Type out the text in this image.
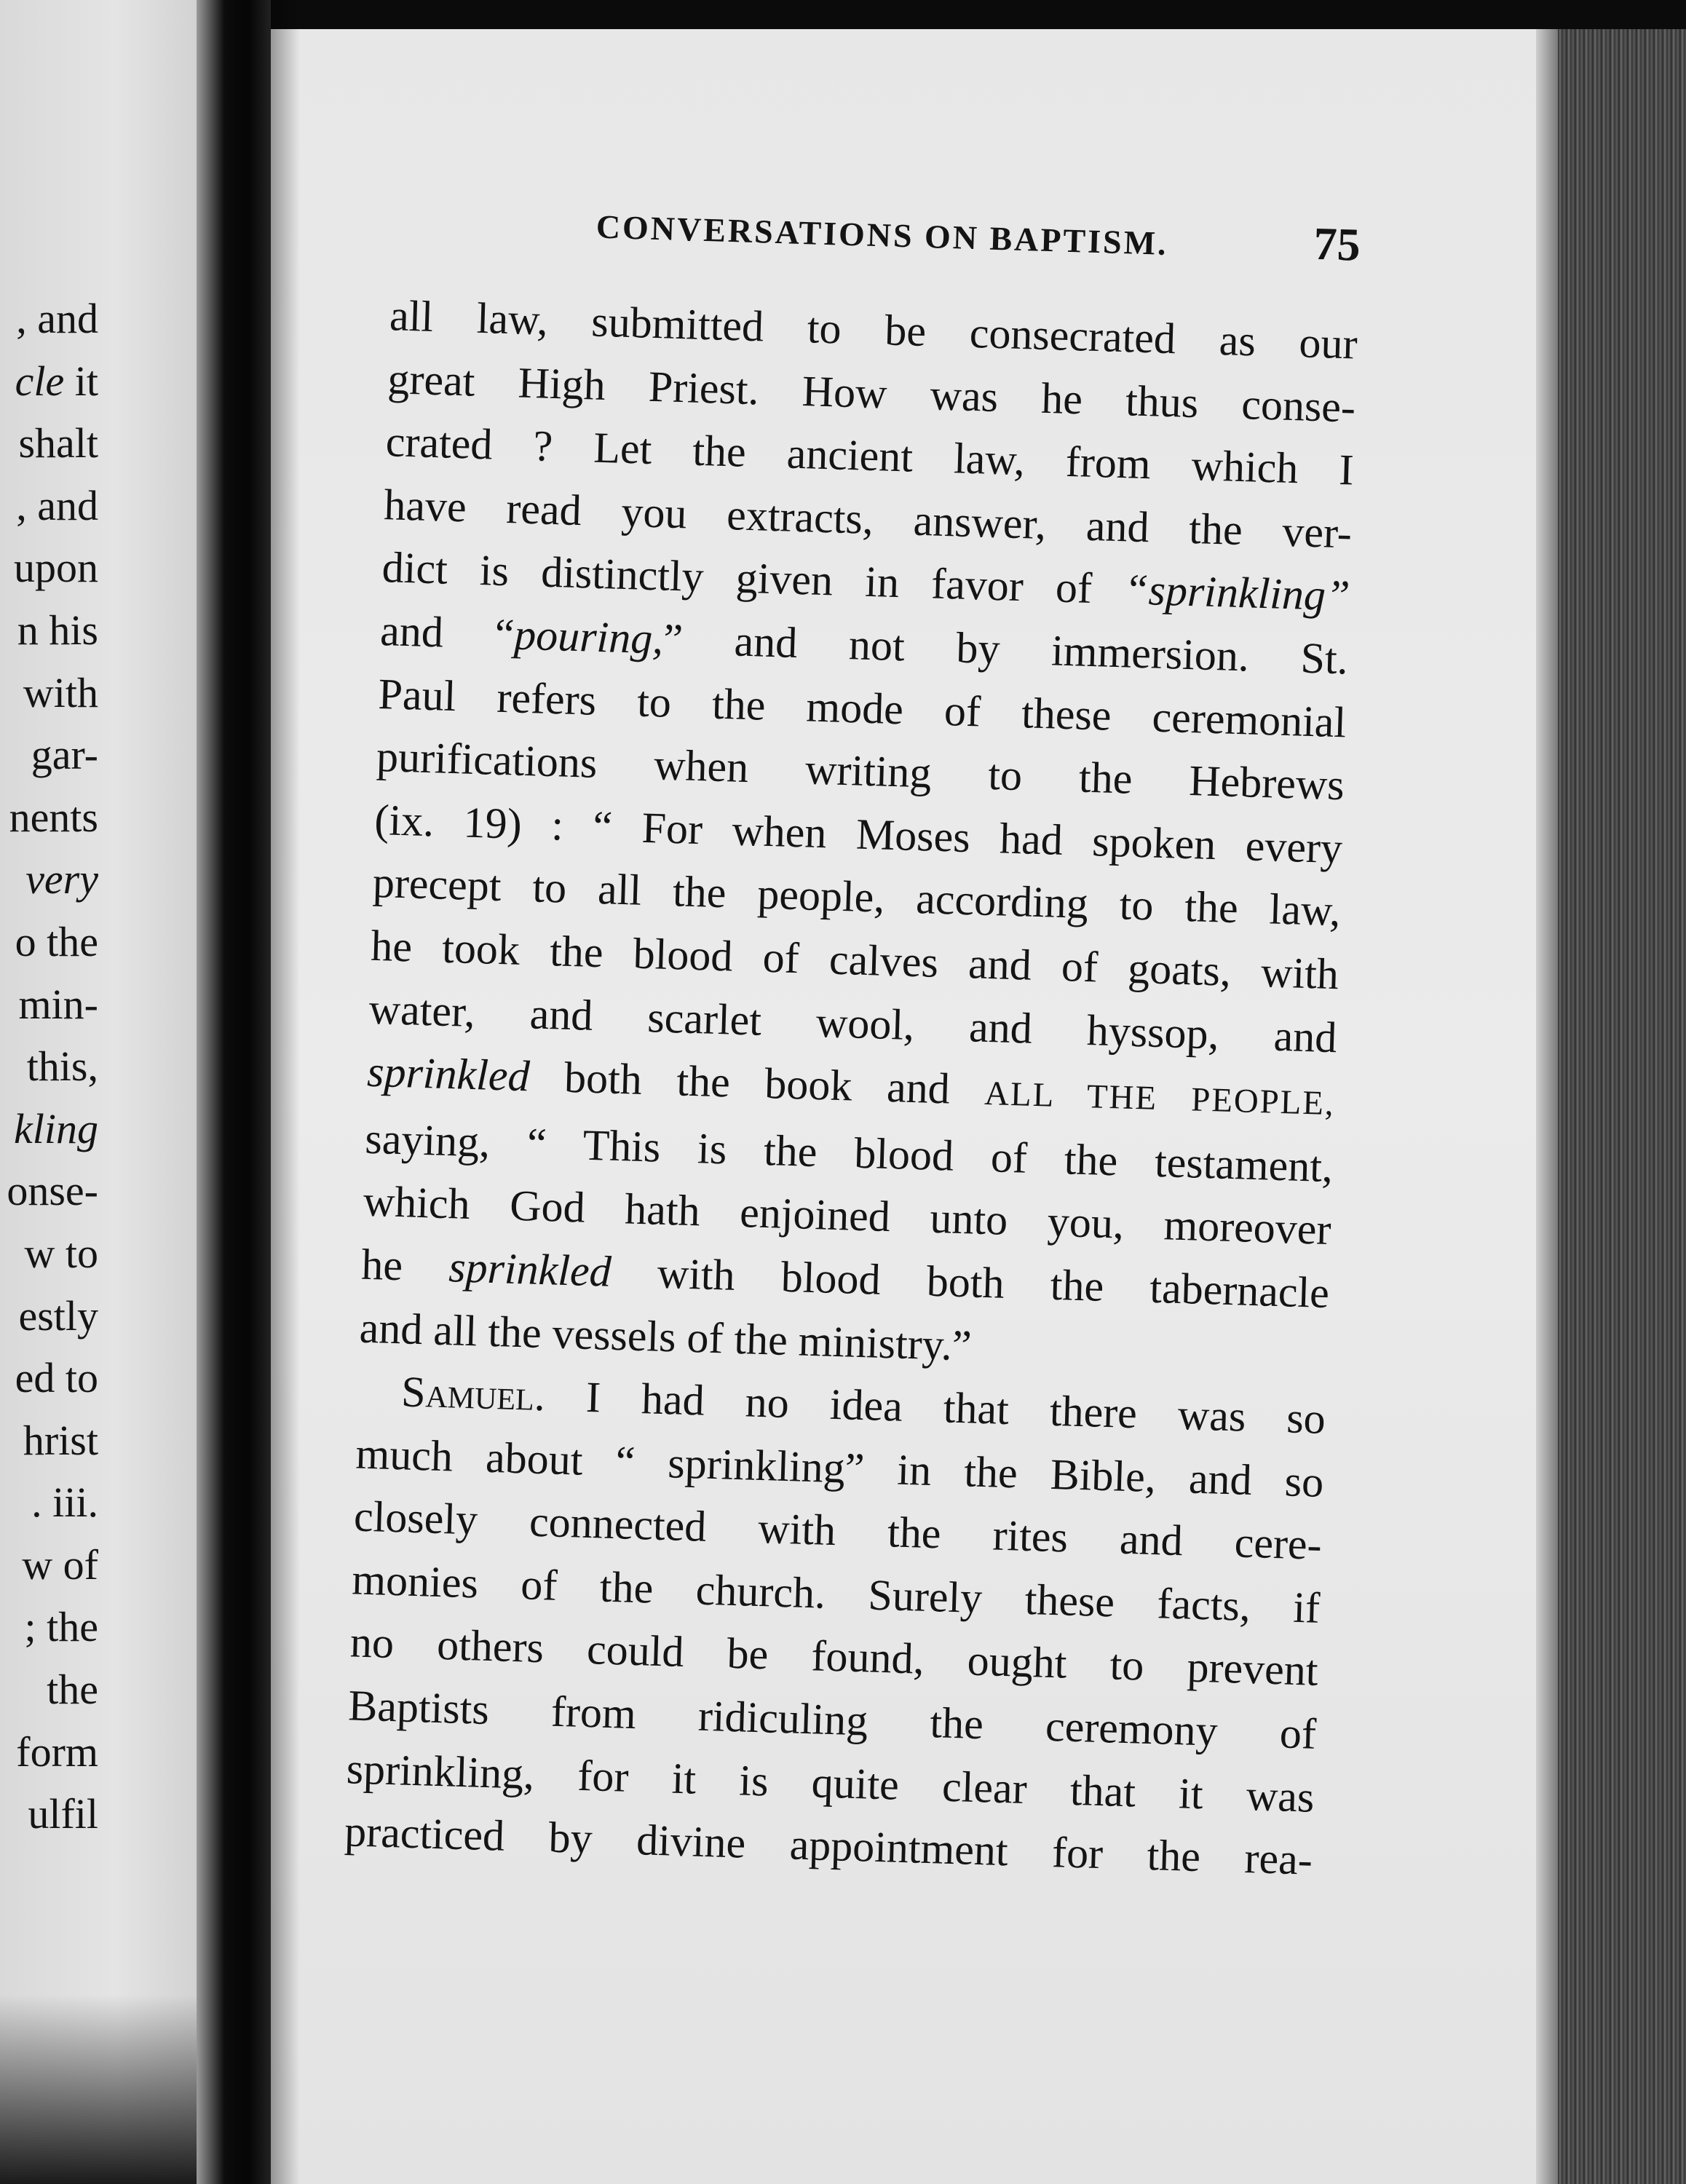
, and
cle it
shalt
, and
upon
n his
with
gar-
nents
very
o the
min-
this,
kling
onse-
w to
estly
ed to
hrist
. iii.
w of
; the
the
form
ulfil
CONVERSATIONS ON BAPTISM.	75
all law, submitted to be consecrated as our
great High Priest. How was he thus conse-
crated ? Let the ancient law, from which I
have read you extracts, answer, and the ver-
dict is distinctly given in favor of “sprinkling”
and “pouring,” and not by immersion. St.
Paul refers to the mode of these ceremonial
purifications when writing to the Hebrews
(ix. 19) : “ For when Moses had spoken every
precept to all the people, according to the law,
he took the blood of calves and of goats, with
water, and scarlet wool, and hyssop, and
sprinkled both the book and ALL THE PEOPLE,
saying, “ This is the blood of the testament,
which God hath enjoined unto you, moreover
he sprinkled with blood both the tabernacle
and all the vessels of the ministry.”
Samuel. I had no idea that there was so
much about “ sprinkling” in the Bible, and so
closely connected with the rites and cere-
monies of the church. Surely these facts, if
no others could be found, ought to prevent
Baptists from ridiculing the ceremony of
sprinkling, for it is quite clear that it was
practiced by divine appointment for the rea-
